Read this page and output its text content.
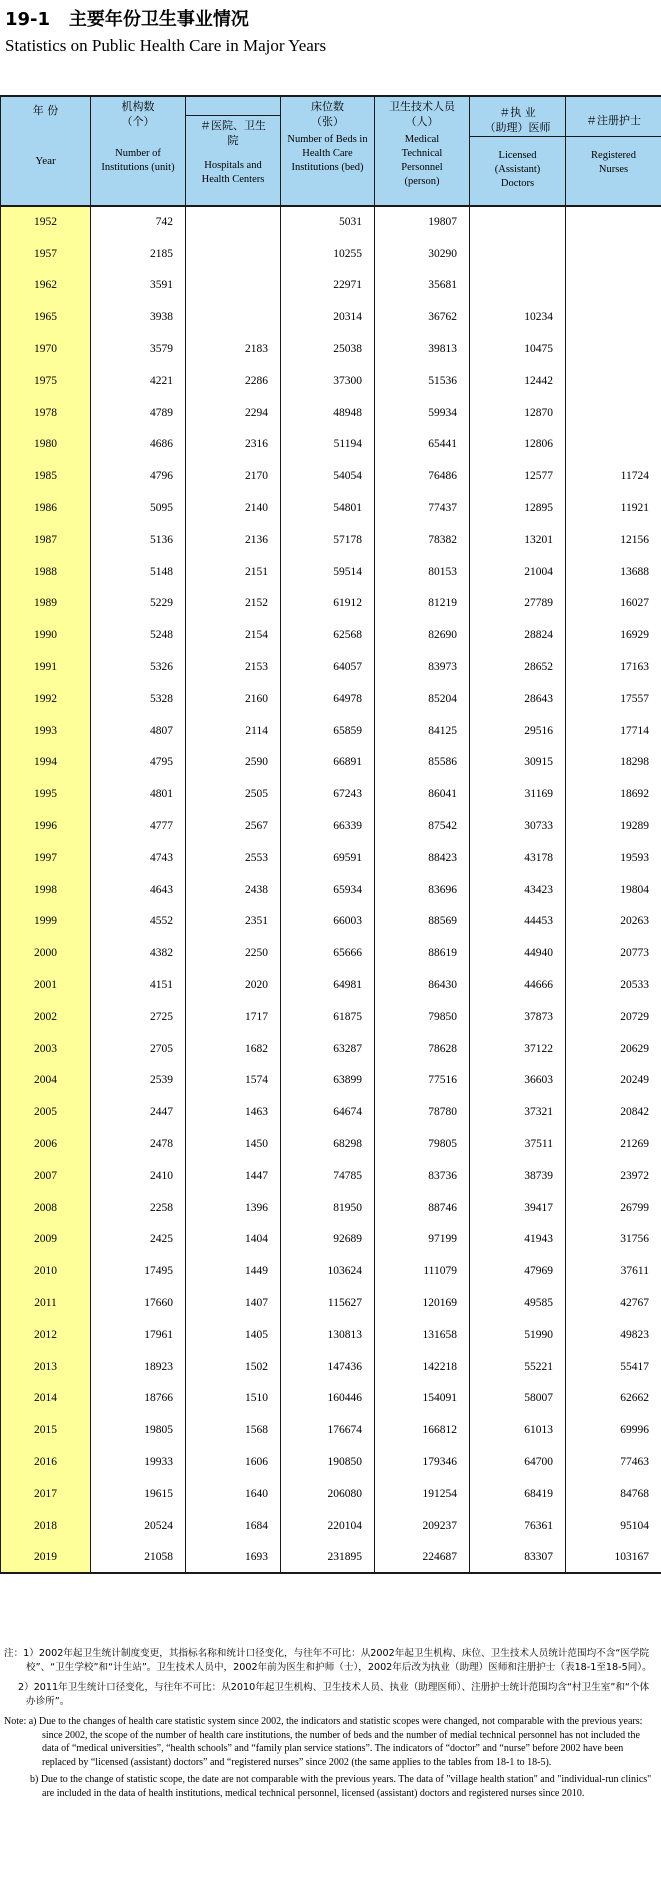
19-1 主要年份卫生事业情况
Statistics on Public Health Care in Major Years
年 份
Year	机构数
（个）
Number of Institutions (unit)	＃医院、卫生院
Hospitals and Health Centers	床位数
（张）
Number of Beds in Health Care Institutions (bed)	卫生技术人员
（人）
Medical Technical Personnel (person)	＃执 业
（助理）医师
Licensed (Assistant) Doctors	＃注册护士
Registered Nurses

1952	742		5031	19807		
1957	2185		10255	30290		
1962	3591		22971	35681		
1965	3938		20314	36762	10234	
1970	3579	2183	25038	39813	10475	
1975	4221	2286	37300	51536	12442	
1978	4789	2294	48948	59934	12870	
1980	4686	2316	51194	65441	12806	
1985	4796	2170	54054	76486	12577	11724
1986	5095	2140	54801	77437	12895	11921
1987	5136	2136	57178	78382	13201	12156
1988	5148	2151	59514	80153	21004	13688
1989	5229	2152	61912	81219	27789	16027
1990	5248	2154	62568	82690	28824	16929
1991	5326	2153	64057	83973	28652	17163
1992	5328	2160	64978	85204	28643	17557
1993	4807	2114	65859	84125	29516	17714
1994	4795	2590	66891	85586	30915	18298
1995	4801	2505	67243	86041	31169	18692
1996	4777	2567	66339	87542	30733	19289
1997	4743	2553	69591	88423	43178	19593
1998	4643	2438	65934	83696	43423	19804
1999	4552	2351	66003	88569	44453	20263
2000	4382	2250	65666	88619	44940	20773
2001	4151	2020	64981	86430	44666	20533
2002	2725	1717	61875	79850	37873	20729
2003	2705	1682	63287	78628	37122	20629
2004	2539	1574	63899	77516	36603	20249
2005	2447	1463	64674	78780	37321	20842
2006	2478	1450	68298	79805	37511	21269
2007	2410	1447	74785	83736	38739	23972
2008	2258	1396	81950	88746	39417	26799
2009	2425	1404	92689	97199	41943	31756
2010	17495	1449	103624	111079	47969	37611
2011	17660	1407	115627	120169	49585	42767
2012	17961	1405	130813	131658	51990	49823
2013	18923	1502	147436	142218	55221	55417
2014	18766	1510	160446	154091	58007	62662
2015	19805	1568	176674	166812	61013	69996
2016	19933	1606	190850	179346	64700	77463
2017	19615	1640	206080	191254	68419	84768
2018	20524	1684	220104	209237	76361	95104
2019	21058	1693	231895	224687	83307	103167

注：1）2002年起卫生统计制度变更，其指标名称和统计口径变化，与往年不可比：从2002年起卫生机构、床位、卫生技术人员统计范围均不含“医学院校”、“卫生学校”和“计生站”。卫生技术人员中，2002年前为医生和护师（士），2002年后改为执业（助理）医师和注册护士（表18-1至18-5同）。

2）2011年卫生统计口径变化，与往年不可比：从2010年起卫生机构、卫生技术人员、执业（助理医师）、注册护士统计范围均含“村卫生室”和“个体办诊所”。

Note: a) Due to the changes of health care statistic system since 2002, the indicators and statistic scopes were changed, not comparable with the previous years: since 2002, the scope of the number of health care institutions, the number of beds and the number of medial technical personnel has not included the data of “medical universities”, “health schools” and “family plan service stations”. The indicators of “doctor” and “nurse” before 2002 have been replaced by “licensed (assistant) doctors” and “registered nurses” since 2002 (the same applies to the tables from 18-1 to 18-5).

b) Due to the change of statistic scope, the date are not comparable with the previous years. The data of "village health station" and "individual-run clinics" are included in the data of health institutions, medical technical personnel, licensed (assistant) doctors and registered nurses since 2010.
